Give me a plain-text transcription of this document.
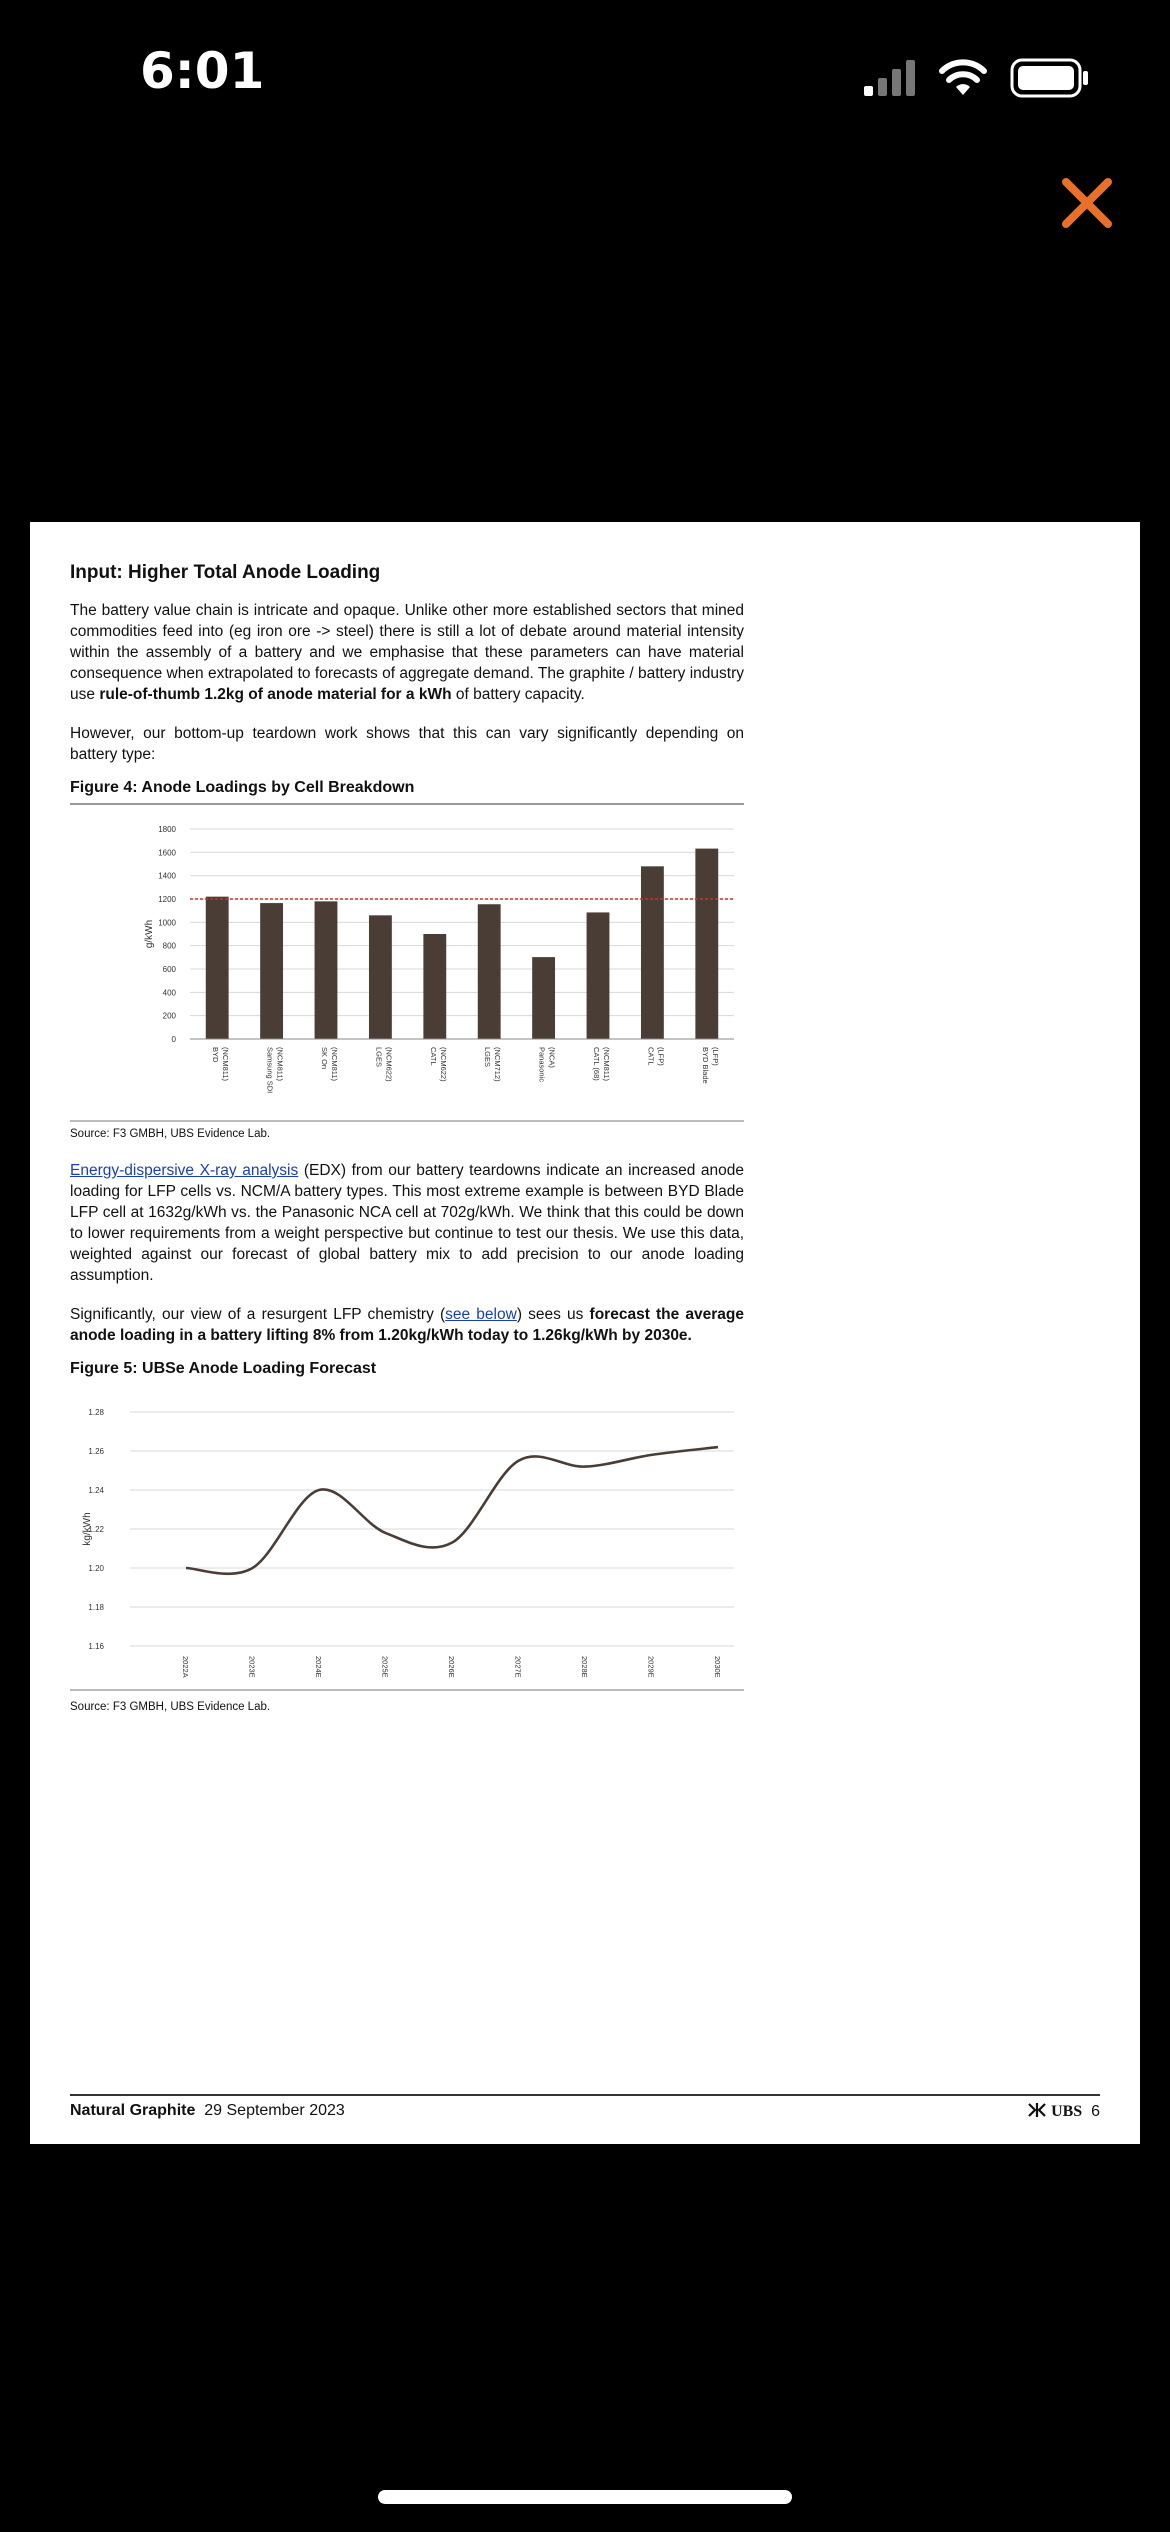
6:01
Input: Higher Total Anode Loading

The battery value chain is intricate and opaque. Unlike other more established sectors that mined commodities feed into (eg iron ore -> steel) there is still a lot of debate around material intensity within the assembly of a battery and we emphasise that these parameters can have material consequence when extrapolated to forecasts of aggregate demand. The graphite / battery industry use rule-of-thumb 1.2kg of anode material for a kWh of battery capacity.

However, our bottom-up teardown work shows that this can vary significantly depending on battery type:

Figure 4: Anode Loadings by Cell Breakdown
0
200
400
600
800
1000
1200
1400
1600
1800
g/kWh
BYD (NCM811)	Samsung SDI (NCM811)	SK On (NCM811)	LGES (NCM622)	CATL (NCM622)	LGES (NCM712)	Panasonic (NCA)	CATL (68) (NCM811)	CATL (LFP)	BYD Blade (LFP)
Source: F3 GMBH, UBS Evidence Lab.

Energy-dispersive X-ray analysis (EDX) from our battery teardowns indicate an increased anode loading for LFP cells vs. NCM/A battery types. This most extreme example is between BYD Blade LFP cell at 1632g/kWh vs. the Panasonic NCA cell at 702g/kWh. We think that this could be down to lower requirements from a weight perspective but continue to test our thesis. We use this data, weighted against our forecast of global battery mix to add precision to our anode loading assumption.

Significantly, our view of a resurgent LFP chemistry (see below) sees us forecast the average anode loading in a battery lifting 8% from 1.20kg/kWh today to 1.26kg/kWh by 2030e.

Figure 5: UBSe Anode Loading Forecast
1.16
1.18
1.20
1.22
1.24
1.26
1.28
kg/kWh
2022A	2023E	2024E	2025E	2026E	2027E	2028E	2029E	2030E
Source: F3 GMBH, UBS Evidence Lab.
Natural Graphite 29 September 2023	UBS 6
